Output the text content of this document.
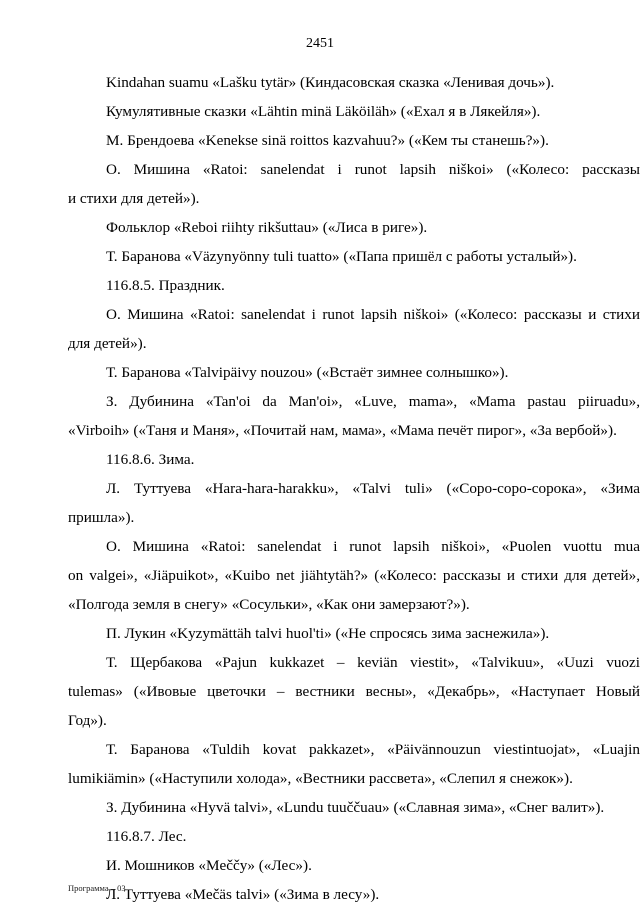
2451

Kindahan suamu «Lašku tytär» (Киндасовская сказка «Ленивая дочь»).

Кумулятивные сказки «Lähtin minä Läköiläh» («Ехал я в Лякейля»).

М. Брендоева «Kenekse sinä roittos kazvahuu?» («Кем ты станешь?»).

О. Мишина «Ratoi: sanelendat i runot lapsih niškoi» («Колесо: рассказы

и стихи для детей»).

Фольклор «Reboi riihty rikšuttau» («Лиса в риге»).

Т. Баранова «Väzynyönny tuli tuatto» («Папа пришёл с работы усталый»).

116.8.5. Праздник.

О. Мишина «Ratoi: sanelendat i runot lapsih niškoi» («Колесо: рассказы и стихи

для детей»).

Т. Баранова «Talvipäivy nouzou» («Встаёт зимнее солнышко»).

З. Дубинина «Tan'oi da Man'oi», «Luve, mama», «Mama pastau piiruadu»,

«Virboih» («Таня и Маня», «Почитай нам, мама», «Мама печёт пирог», «За вербой»).

116.8.6. Зима.

Л. Туттуева «Hara-hara-harakku», «Talvi tuli» («Соро-соро-сорока», «Зима

пришла»).

О. Мишина «Ratoi: sanelendat i runot lapsih niškoi», «Puolen vuottu mua

on valgei», «Jiäpuikot», «Kuibo net jiähtytäh?» («Колесо: рассказы и стихи для детей»,

«Полгода земля в снегу» «Сосульки», «Как они замерзают?»).

П. Лукин «Kyzymättäh talvi huol'ti» («Не спросясь зима заснежила»).

Т. Щербакова «Pajun kukkazet – keviän viestit», «Talvikuu», «Uuzi vuozi

tulemas» («Ивовые цветочки – вестники весны», «Декабрь», «Наступает Новый

Год»).

Т. Баранова «Tuldih kovat pakkazet», «Päivännouzun viestintuojat», «Luajin

lumikiämin» («Наступили холода», «Вестники рассвета», «Слепил я снежок»).

З. Дубинина «Hyvä talvi», «Lundu tuuččuau» («Славная зима», «Снег валит»).

116.8.7. Лес.

И. Мошников «Meččy» («Лес»).

Л. Туттуева «Mečäs talvi» («Зима в лесу»).

Программа – 03
